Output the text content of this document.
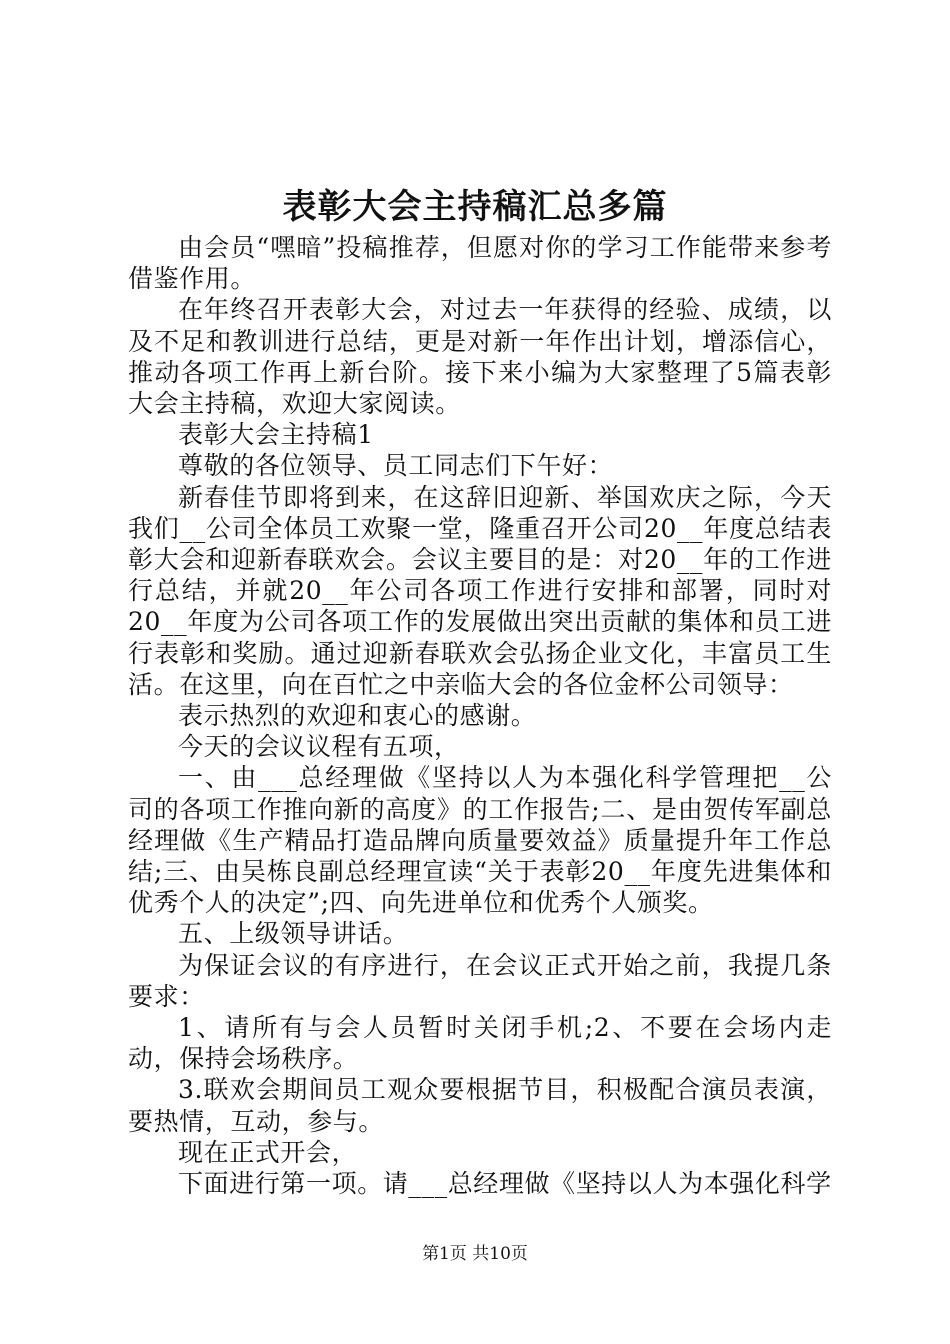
表彰大会主持稿汇总多篇

由会员“嘿暗”投稿推荐，但愿对你的学习工作能带来参考借鉴作用。

在年终召开表彰大会，对过去一年获得的经验、成绩，以及不足和教训进行总结，更是对新一年作出计划，增添信心，推动各项工作再上新台阶。接下来小编为大家整理了5篇表彰大会主持稿，欢迎大家阅读。

表彰大会主持稿1

尊敬的各位领导、员工同志们下午好：

新春佳节即将到来，在这辞旧迎新、举国欢庆之际，今天我们__公司全体员工欢聚一堂，隆重召开公司20__年度总结表彰大会和迎新春联欢会。会议主要目的是：对20__年的工作进行总结，并就20__年公司各项工作进行安排和部署，同时对20__年度为公司各项工作的发展做出突出贡献的集体和员工进行表彰和奖励。通过迎新春联欢会弘扬企业文化，丰富员工生活。在这里，向在百忙之中亲临大会的各位金杯公司领导：

表示热烈的欢迎和衷心的感谢。

今天的会议议程有五项，

一、由___总经理做《坚持以人为本强化科学管理把__公司的各项工作推向新的高度》的工作报告;二、是由贺传军副总经理做《生产精品打造品牌向质量要效益》质量提升年工作总结;三、由吴栋良副总经理宣读“关于表彰20__年度先进集体和优秀个人的决定”;四、向先进单位和优秀个人颁奖。

五、上级领导讲话。

为保证会议的有序进行，在会议正式开始之前，我提几条要求：

1、请所有与会人员暂时关闭手机;2、不要在会场内走动，保持会场秩序。

3.联欢会期间员工观众要根据节目，积极配合演员表演，要热情，互动，参与。

现在正式开会，

下面进行第一项。请___总经理做《坚持以人为本强化科学

第1页 共10页
